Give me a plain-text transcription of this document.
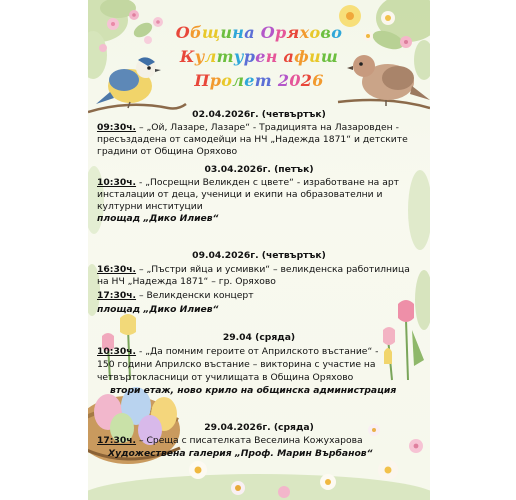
Община Оряхово
Културен афиш
Пролет 2026
02.04.2026г. (четвъртък)
09:30ч. – „Ой, Лазаре, Лазаре“ - Традицията на Лазаровден -
пресъздадена от самодейци на НЧ „Надежда 1871“ и детските
градини от Община Оряхово
03.04.2026г. (петък)
10:30ч. - „Посрещни Великден с цвете“ - изработване на арт
инсталации от деца, ученици и екипи на образователни и
културни институции
площад „Дико Илиев“
09.04.2026г. (четвъртък)
16:30ч. – „Пъстри яйца и усмивки“ – великденска работилница
на НЧ „Надежда 1871“ – гр. Оряхово
17:30ч. – Великденски концерт
площад „Дико Илиев“
29.04 (сряда)
10:30ч. - „Да помним героите от Априлското въстание“ -
150 години Априлско въстание – викторина с участие на
четвъртокласници от училищата в Община Оряхово
втори етаж, ново крило на общинска администрация
29.04.2026г. (сряда)
17:30ч. – Среща с писателката Веселина Кожухарова
Художествена галерия „Проф. Марин Върбанов“
